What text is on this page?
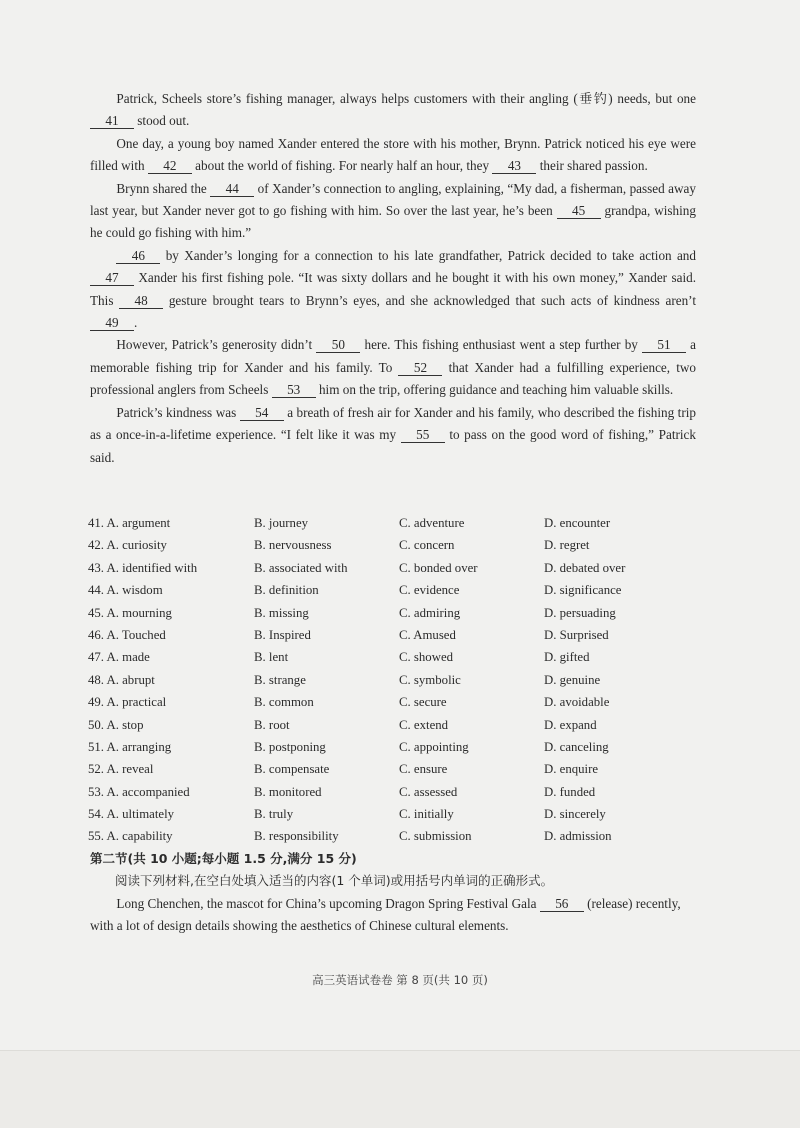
Patrick, Scheels store’s fishing manager, always helps customers with their angling (垂钓) needs, but one 41 stood out.

One day, a young boy named Xander entered the store with his mother, Brynn. Patrick noticed his eye were filled with 42 about the world of fishing. For nearly half an hour, they 43 their shared passion.

Brynn shared the 44 of Xander’s connection to angling, explaining, “My dad, a fisherman, passed away last year, but Xander never got to go fishing with him. So over the last year, he’s been 45 grandpa, wishing he could go fishing with him.”

46 by Xander’s longing for a connection to his late grandfather, Patrick decided to take action and 47 Xander his first fishing pole. “It was sixty dollars and he bought it with his own money,” Xander said. This 48 gesture brought tears to Brynn’s eyes, and she acknowledged that such acts of kindness aren’t 49 .

However, Patrick’s generosity didn’t 50 here. This fishing enthusiast went a step further by 51 a memorable fishing trip for Xander and his family. To 52 that Xander had a fulfilling experience, two professional anglers from Scheels 53 him on the trip, offering guidance and teaching him valuable skills.

Patrick’s kindness was 54 a breath of fresh air for Xander and his family, who described the fishing trip as a once-in-a-lifetime experience. “I felt like it was my 55 to pass on the good word of fishing,” Patrick said.

41. A. argument	B. journey	C. adventure	D. encounter
42. A. curiosity	B. nervousness	C. concern	D. regret
43. A. identified with	B. associated with	C. bonded over	D. debated over
44. A. wisdom	B. definition	C. evidence	D. significance
45. A. mourning	B. missing	C. admiring	D. persuading
46. A. Touched	B. Inspired	C. Amused	D. Surprised
47. A. made	B. lent	C. showed	D. gifted
48. A. abrupt	B. strange	C. symbolic	D. genuine
49. A. practical	B. common	C. secure	D. avoidable
50. A. stop	B. root	C. extend	D. expand
51. A. arranging	B. postponing	C. appointing	D. canceling
52. A. reveal	B. compensate	C. ensure	D. enquire
53. A. accompanied	B. monitored	C. assessed	D. funded
54. A. ultimately	B. truly	C. initially	D. sincerely
55. A. capability	B. responsibility	C. submission	D. admission
第二节(共 10 小题;每小题 1.5 分,满分 15 分)
阅读下列材料,在空白处填入适当的内容(1 个单词)或用括号内单词的正确形式。

Long Chenchen, the mascot for China’s upcoming Dragon Spring Festival Gala 56 (release) recently, with a lot of design details showing the aesthetics of Chinese cultural elements.

高三英语试卷卷 第 8 页(共 10 页)
